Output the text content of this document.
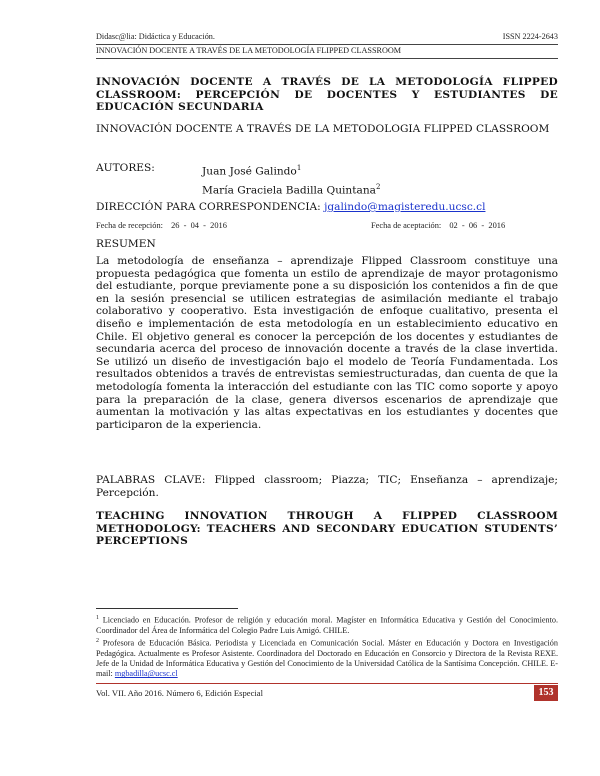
Didasc@lia: Didáctica y Educación.	ISSN 2224-2643
INNOVACIÓN DOCENTE A TRAVÉS DE LA METODOLOGÍA FLIPPED CLASSROOM
INNOVACIÓN DOCENTE A TRAVÉS DE LA METODOLOGÍA FLIPPED CLASSROOM: PERCEPCIÓN DE DOCENTES Y ESTUDIANTES DE EDUCACIÓN SECUNDARIA
INNOVACIÓN DOCENTE A TRAVÉS DE LA METODOLOGIA FLIPPED CLASSROOM
AUTORES:	Juan José Galindo$^1$
María Graciela Badilla Quintana$^2$
DIRECCIÓN PARA CORRESPONDENCIA: jgalindo@magisteredu.ucsc.cl
Fecha de recepción: 26  -  04  -  2016	Fecha de aceptación: 02  -  06  -  2016
RESUMEN
La metodología de enseñanza – aprendizaje Flipped Classroom constituye una propuesta pedagógica que fomenta un estilo de aprendizaje de mayor protagonismo del estudiante, porque previamente pone a su disposición los contenidos a fin de que en la sesión presencial se utilicen estrategias de asimilación mediante el trabajo colaborativo y cooperativo. Esta investigación de enfoque cualitativo, presenta el diseño e implementación de esta metodología en un establecimiento educativo en Chile. El objetivo general es conocer la percepción de los docentes y estudiantes de secundaria acerca del proceso de innovación docente a través de la clase invertida. Se utilizó un diseño de investigación bajo el modelo de Teoría Fundamentada. Los resultados obtenidos a través de entrevistas semiestructuradas, dan cuenta de que la metodología fomenta la interacción del estudiante con las TIC como soporte y apoyo para la preparación de la clase, genera diversos escenarios de aprendizaje que aumentan la motivación y las altas expectativas en los estudiantes y docentes que participaron de la experiencia.
PALABRAS CLAVE: Flipped classroom; Piazza; TIC; Enseñanza – aprendizaje; Percepción.
TEACHING INNOVATION THROUGH A FLIPPED CLASSROOM METHODOLOGY: TEACHERS AND SECONDARY EDUCATION STUDENTS’ PERCEPTIONS
$^1$ Licenciado en Educación. Profesor de religión y educación moral. Magíster en Informática Educativa y Gestión del Conocimiento. Coordinador del Área de Informática del Colegio Padre Luis Amigó. CHILE.
$^2$ Profesora de Educación Básica. Periodista y Licenciada en Comunicación Social. Máster en Educación y Doctora en Investigación Pedagógica. Actualmente es Profesor Asistente. Coordinadora del Doctorado en Educación en Consorcio y Directora de la Revista REXE. Jefe de la Unidad de Informática Educativa y Gestión del Conocimiento de la Universidad Católica de la Santísima Concepción. CHILE. E-mail: mgbadilla@ucsc.cl
Vol. VII. Año 2016. Número 6, Edición Especial	153
